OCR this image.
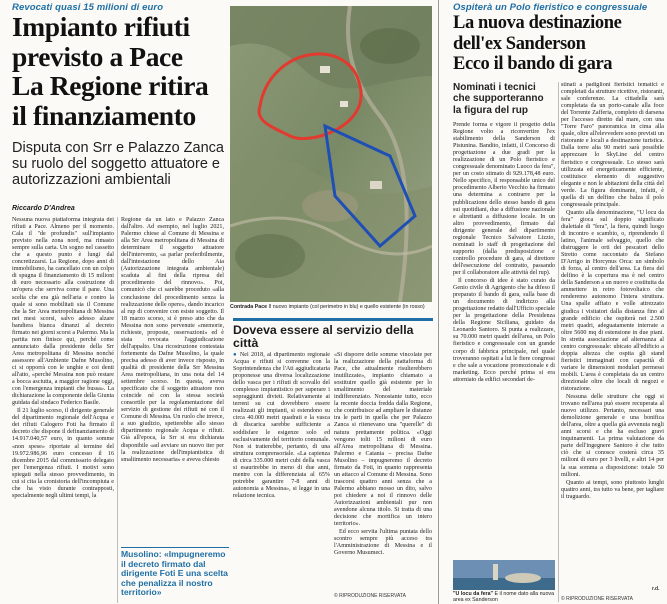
Revocati quasi 15 milioni di euro
Impianto rifiuti
previsto a Pace
La Regione ritira
il finanziamento
Disputa con Srr e Palazzo Zanca su ruolo del soggetto attuatore e autorizzazioni ambientali
Riccardo D'Andrea

Nessuna nuova piattaforma integrata dei rifiuti a Pace. Almeno per il momento. Cala il "de profundis" sull'impianto previsto nella zona nord, ma rimasto sempre sulla carta. Un sogno nel cassetto che a questo punto è lungi dal concretizzarsi. La Regione, dopo anni di immobilismo, ha cancellato con un colpo di spugna il finanziamento di 15 milioni di euro necessario alla costruzione di un'opera che serviva come il pane. Una scelta che era già nell'aria e contro la quale si sono mobilitati sia il Comune che la Srr Area metropolitana di Messina nei mesi scorsi, salvo adesso alzare bandiera bianca dinanzi al decreto firmato nei giorni scorsi a Palermo. Ma la partita non finisce qui, perché come annunciato dalla presidente della Srr Area metropolitana di Messina nonché assessore all'Ambiente Dafne Musolino, ci si opporrà con le unghie e coi denti all'atto, «perché Messina non può restare a bocca asciutta, a maggior ragione oggi, con l'emergenza impianti che bussa». La dichiarazione la componente della Giunta guidata dal sindaco Federico Basile.

Il 21 luglio scorso, il dirigente generale del dipartimento regionale dell'Acqua e dei rifiuti Calogero Foti ha firmato il decreto che dispone il definanziamento di 14.917.040,57 euro, in quanto somme «non spese» riportate al termine del 19.972.986,96 euro concesso il 16 dicembre 2015 dal commissario delegato per l'emergenza rifiuti. I motivi sono spiegati nella stesso provvedimento, in cui si cita la cronistoria dell'incompiuta e che ha visto durante contrapposti, specialmente negli ultimi tempi, la

Regione da un lato e Palazzo Zanca dall'altro. Ad esempio, nel luglio 2021, Palermo chiese al Comune di Messina e alla Srr Area metropolitana di Messina di determinare il soggetto attuatore dell'intervento, «a parlar preferibilmente, dall'intestazione dello Aia (Autorizzazione integrata ambientale) scaduta al fini della ripresa del procedimento del rinnovo». Poi, comunicò che ci sarebbe proceduto «alla conclusione del procedimento senza la realizzazione delle opere», dando incarico al rup di convenire con esiste soggetto. Il 18 marzo scorso, si è preso atto che da Messina non sono pervenute «memorie, richieste, proposte, osservazioni» ed è stata revocata l'aggiudicazione dell'appalto. Una ricostruzione contestata fortemente da Dafne Musolino, la quale precisa adesso di aver invece risposto, in qualità di presidente della Srr Messina Area metropolitana, in una nota del 14 settembre scorso. In questa, aveva specificato che il soggetto attuatore non coincide né con la stessa società consortile per la regolamentazione del servizio di gestione dei rifiuti né con il Comune di Messina. Un ruolo che invece, a suo giudizio, spetterebbe allo stesso dipartimento regionale Acqua e rifiuti. Già all'epoca, la Srr si era dichiarata disponibile «ad avviare un nuovo iter per la realizzazione dell'impiantistica di smaltimento necessaria» e aveva chiesto

Musolino: «Impugneremo il decreto firmato dal dirigente Foti E una scelta che penalizza il nostro territorio»
Contrada Pace Il nuovo impianto (col perimetro in blu) e quello esistente (in rosso)
Doveva essere al servizio della città

● Nel 2018, al dipartimento regionale Acqua e rifiuti si convenne con la Soprintendenza che l'Ati aggiudicataria proponesse una diversa localizzazione dello vasca per i rifiuti di scovallo del complesso impiantistico per superare i sopraggiunti divieti. Relativamente ai terreni su cui dovrebbero essere realizzati gli impianti, si estendono su circa 40.000 metri quadrati e la vasca di discarica sarebbe sufficiente a soddisfare le esigenze solo ed esclusivamente del territorio comunale. Non si tratterebbe, pertanto, di una struttura comprensoriale. «La capienza di circa 335.000 metri cubi della vasca si esaurirebbe in meno di due anni, mentre con la differenziata al 65% potrebbe garantire 7-8 anni di autonomia a Messina», si legge in una relazione tecnica.

«Si disporre delle somme vincolate per la realizzazione della piattaforma di Pace, che attualmente risulterebbero inutilizzate», impianto chiamato a sostituire quello già esistente per lo smaltimento del materiale indifferenziato. Nonostante tutto, ecco la recente doccia fredda dalla Regione, che contribuisce ad ampliare le distanze tra le parti in quella che per Palazzo Zanca si ritenevano una "querelle" di natura prettamente politica. «Oggi vengono tolti 15 milioni di euro all'Area metropolitana di Messina. Palermo e Catania – precisa Dafne Musolino – impugneremo il decreto firmato da Foti, in quanto rappresenta un attacco al Comune di Messina. Sono trascorsi quattro anni senza che a Palermo abbiano mosso un dito, salvo poi chiedere a noi il rinnovo delle Autorizzazioni ambientali pur non avendone alcuna titolo. Si tratta di una decisione che mortifica un intero territorio».

Ed ecco servita l'ultima puntata dello scontro sempre più acceso tra l'Amministrazione di Messina e il Governo Musumeci.

© RIPRODUZIONE RISERVATA
Ospiterà un Polo fieristico e congressuale
La nuova destinazione
dell'ex Sanderson
Ecco il bando di gara
Nominati i tecnici
che supporteranno
la figura del rup

Prende forma e vigore il progetto della Regione volto a riconvertire l'ex stabilimento della Sanderson di Pistunina. Bandito, infatti, il Concorso di progettazione a due gradi per la realizzazione di un Polo fieristico e congressuale denominato Luoco da fera", per un costo stimato di 929.178,48 euro. Nello specifico, il responsabile unico del procedimento Alberto Vecchio ha firmato una determina a contrarre per la pubblicazione dello stesso bando di gara sui quotidiani, due a diffusione nazionale e altrettanti a diffusione locale. In un altro provvedimento, firmato dal dirigente generale del dipartimento regionale Tecnico Salvatore Lizzio, nominati lo staff di progettazione del supporto (dalla predisposizione e controllo procedure di gara, al direttore dell'esecuzione del contratto, passando per il collaboratore alle attività del rup).

Il concorso di idee è stato curato da Genio civile di Agrigento che ha difeso il preparato il bando di gara, sulla base di un documento di indirizzo alla progettazione redatto dall'Ufficio speciale per la progettazione della Presidenza della Regione Siciliana, guidato da Leonardo Santoro. Si punta a realizzare, su 70.000 metri quadri dell'area, un Polo fieristico e congressuale con un grande corpo di fabbrica principale, nel quale troveranno ospitati a lui le fiere congressi e che sale a vocazione promozionale e di marketing. Ecco perché prima si era attorniato da edifici secondari de-

stinati a padiglioni fieristici tematici e completati da strutture ricettive, ristoranti, sale conferenze. La cittadella sarà completata da un porto-canale alla foce del Torrente Zafferia, completo di darsena per l'accesso diretto dal mare, con una "Torre Faro" panoramica in cima alla quale, oltre all'elevvedere sono previsti un ristorante e locali a destinazione turistica. Dalla torre alta 90 metri sarà possibile apprezzare lo SkyLine del centro fieristico e congressuale. Lo stesso sarà utilizzata ed energeticamente efficiente, costituisce elemento di suggestivo elegante e non le abitazioni della città del verde. La figura dominante, infatti, è quella di un delfino che balza il polo congressuale principale.

Quanto alla denominazione, "U locu da fera" gioca sul doppio significato dialettale di "fera", la fiera, quindi luogo di incontro e scambio, o, riprendendo il latino, l'animale selvaggio, quello che distruggere le orti dei pescatori dello Stretto come raccontato da Stefano D'Arrigo in Horcynus Orca: un simbolo di forza, al centro dell'area. La fiera del delfino è la copertura ma è nel centro della Sanderson a un nuovo e costituita da ammettere in retro fotovoltaico che renderemo autonomo l'intera struttura. Una spalle affiato e volle attrezzato giudica i visitatori dalla distanza fino al grande edificio che ospiterà nei 2.500 metri quadri, adeguatamente interrate a oltre 5600 mq di estensione in due piani. In stretta associazione ad alternanza al centro congressuale: ubicato all'edificio a doppia altezza che ospita gli stand fieristici immaginati con capacità di variare le dimensioni modulari permessi mobili. L'area è completata da un centro direzionale oltre che locali di negozi e ristorazione.

Nessuna delle strutture che oggi si trovano nell'area può essere recuperata al nuovo utilizzo. Pertanto, necessari una demolizione generale e una bonifica dell'area, oltre a quella già avvenuta negli anni scorsi e che ha escluso gravi inquinamenti. La prima valutazione da parte dell'ingegnere Santoro è che tutto ciò che si conosce costerà circa 35 milioni di euro per 3 livelli, e altri 14 per la sua somma a disposizione: totale 50 milioni.

Quanto ai tempi, sono piuttosto lunghi quattro anni, tra tutto va bene, per tagliare il traguardo.

r.d.
"U locu da fera" E il nome dato alla nuova area ex Sanderson	© RIPRODUZIONE RISERVATA
